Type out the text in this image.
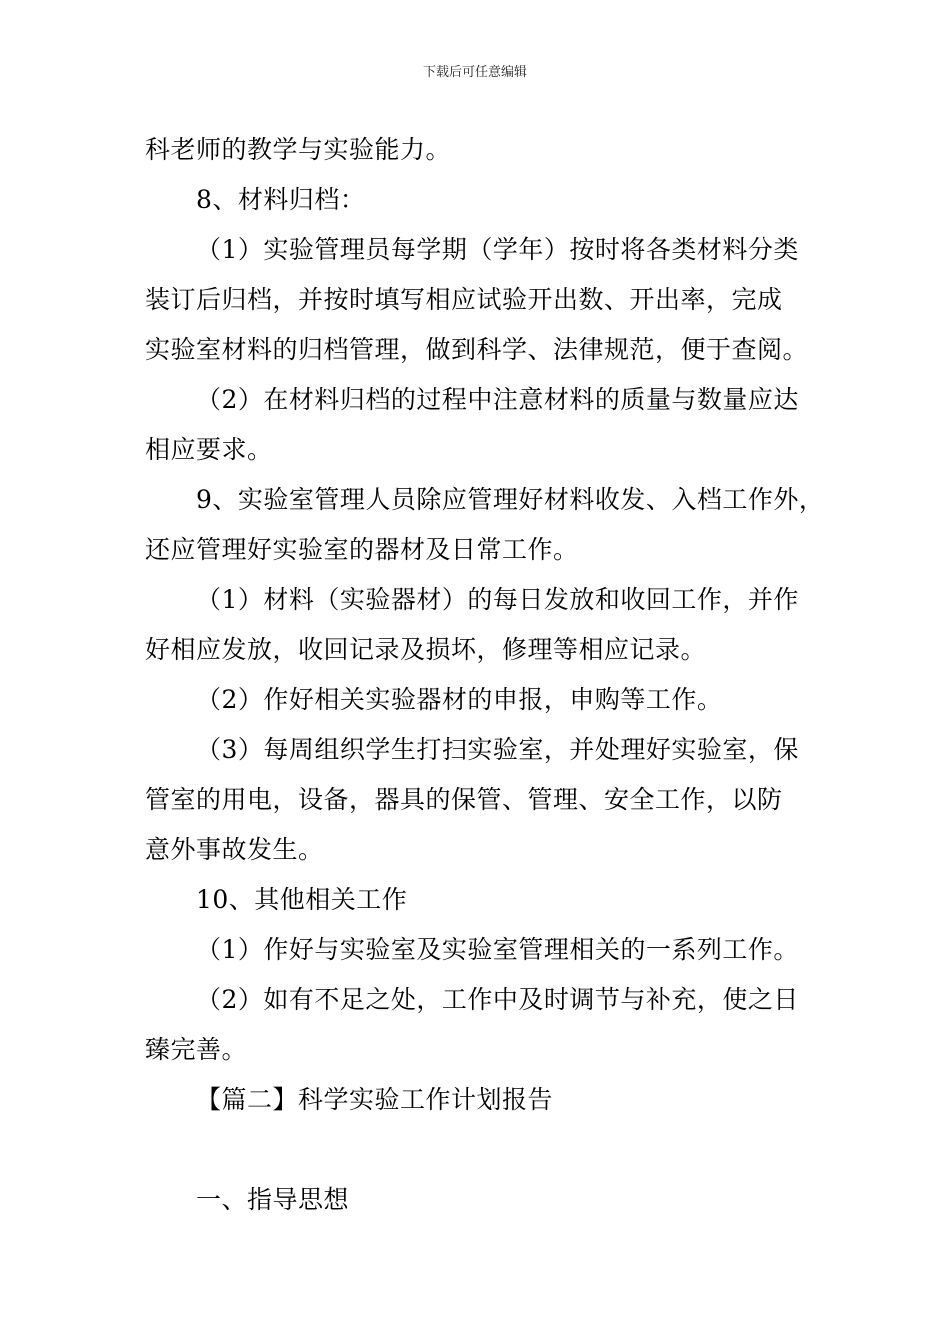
下载后可任意编辑
科老师的教学与实验能力。
8、材料归档：
（1）实验管理员每学期（学年）按时将各类材料分类
装订后归档，并按时填写相应试验开出数、开出率，完成
实验室材料的归档管理，做到科学、法律规范，便于查阅。
（2）在材料归档的过程中注意材料的质量与数量应达
相应要求。
9、实验室管理人员除应管理好材料收发、入档工作外，
还应管理好实验室的器材及日常工作。
（1）材料（实验器材）的每日发放和收回工作，并作
好相应发放，收回记录及损坏，修理等相应记录。
（2）作好相关实验器材的申报，申购等工作。
（3）每周组织学生打扫实验室，并处理好实验室，保
管室的用电，设备，器具的保管、管理、安全工作，以防
意外事故发生。
10、其他相关工作
（1）作好与实验室及实验室管理相关的一系列工作。
（2）如有不足之处，工作中及时调节与补充，使之日
臻完善。
【篇二】科学实验工作计划报告
一、指导思想
